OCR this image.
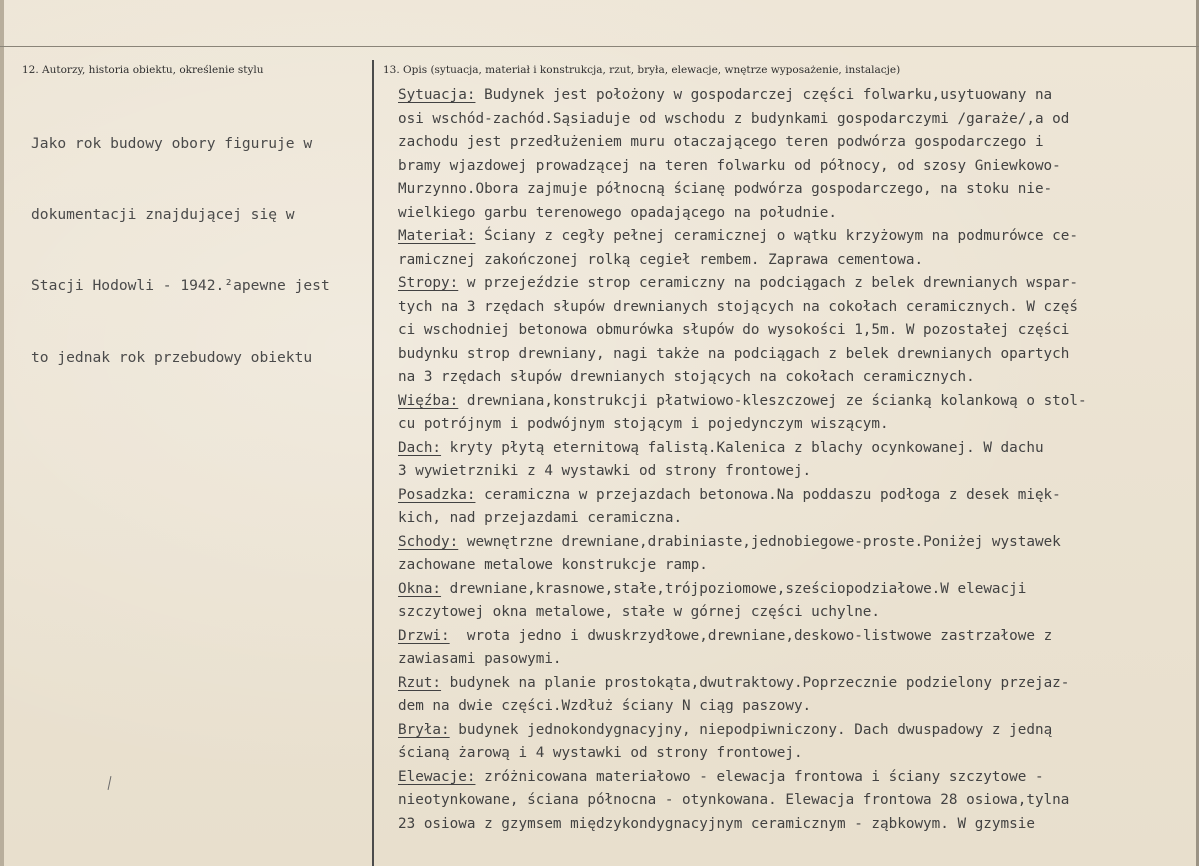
12. Autorzy, historia obiektu, określenie stylu	13. Opis (sytuacja, materiał i konstrukcja, rzut, bryła, elewacje, wnętrze wyposażenie, instalacje)

Jako rok budowy obory figuruje w

dokumentacji znajdującej się w

Stacji Hodowli - 1942.²apewne jest

to jednak rok przebudowy obiektu

Sytuacja: Budynek jest położony w gospodarczej części folwarku,usytuowany na
osi wschód-zachód.Sąsiaduje od wschodu z budynkami gospodarczymi /garaże/,a od
zachodu jest przedłużeniem muru otaczającego teren podwórza gospodarczego i
bramy wjazdowej prowadzącej na teren folwarku od północy, od szosy Gniewkowo-
Murzynno.Obora zajmuje północną ścianę podwórza gospodarczego, na stoku nie-
wielkiego garbu terenowego opadającego na południe.
Materiał: Ściany z cegły pełnej ceramicznej o wątku krzyżowym na podmurówce ce-
ramicznej zakończonej rolką cegieł rembem. Zaprawa cementowa.
Stropy: w przejeździe strop ceramiczny na podciągach z belek drewnianych wspar-
tych na 3 rzędach słupów drewnianych stojących na cokołach ceramicznych. W częś
ci wschodniej betonowa obmurówka słupów do wysokości 1,5m. W pozostałej części
budynku strop drewniany, nagi także na podciągach z belek drewnianych opartych
na 3 rzędach słupów drewnianych stojących na cokołach ceramicznych.
Więźba: drewniana,konstrukcji płatwiowo-kleszczowej ze ścianką kolankową o stol-
cu potrójnym i podwójnym stojącym i pojedynczym wiszącym.
Dach: kryty płytą eternitową falistą.Kalenica z blachy ocynkowanej. W dachu
3 wywietrzniki z 4 wystawki od strony frontowej.
Posadzka: ceramiczna w przejazdach betonowa.Na poddaszu podłoga z desek mięk-
kich, nad przejazdami ceramiczna.
Schody: wewnętrzne drewniane,drabiniaste,jednobiegowe-proste.Poniżej wystawek
zachowane metalowe konstrukcje ramp.
Okna: drewniane,krasnowe,stałe,trójpoziomowe,sześciopodziałowe.W elewacji
szczytowej okna metalowe, stałe w górnej części uchylne.
Drzwi:  wrota jedno i dwuskrzydłowe,drewniane,deskowo-listwowe zastrzałowe z
zawiasami pasowymi.
Rzut: budynek na planie prostokąta,dwutraktowy.Poprzecznie podzielony przejaz-
dem na dwie części.Wzdłuż ściany N ciąg paszowy.
Bryła: budynek jednokondygnacyjny, niepodpiwniczony. Dach dwuspadowy z jedną
ścianą żarową i 4 wystawki od strony frontowej.
Elewacje: zróżnicowana materiałowo - elewacja frontowa i ściany szczytowe -
nieotynkowane, ściana północna - otynkowana. Elewacja frontowa 28 osiowa,tylna
23 osiowa z gzymsem międzykondygnacyjnym ceramicznym - ząbkowym. W gzymsie
